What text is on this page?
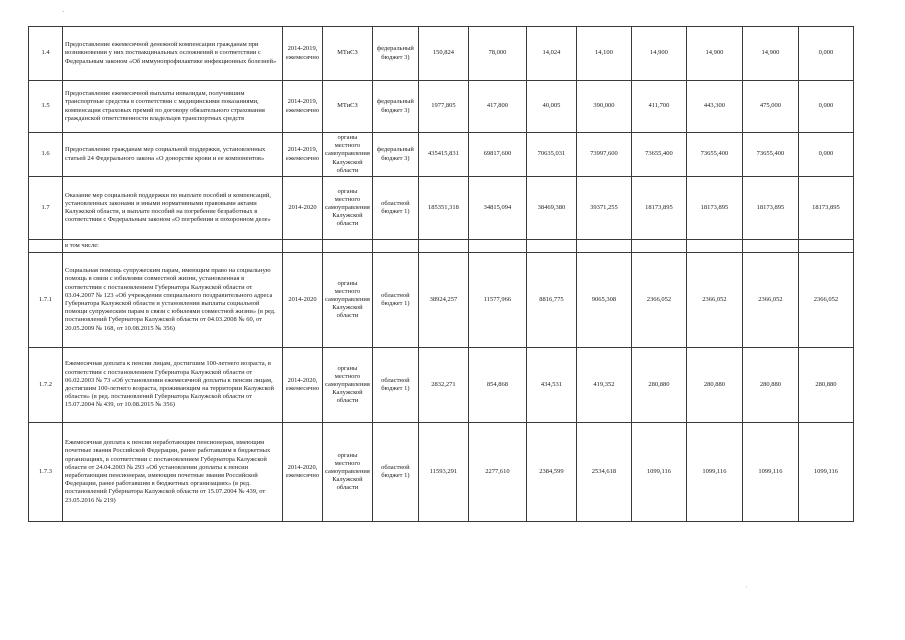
1.4	Предоставление ежемесячной денежной компенсации гражданам при возникновении у них поствакцинальных осложнений в соответствии с Федеральным законом «Об иммунопрофилактике инфекционных болезней»	2014-2019, ежемесячно	МТиСЗ	федеральный бюджет 3)	150,824	78,000	14,024	14,100	14,900	14,900	14,900	0,000
1.5	Предоставление ежемесячной выплаты инвалидам, получившим транспортные средства в соответствии с медицинскими показаниями, компенсация страховых премий по договору обязательного страхования гражданской ответственности владельцев транспортных средств	2014-2019, ежемесячно	МТиСЗ	федеральный бюджет 3)	1977,805	417,800	40,005	390,000	411,700	443,300	475,000	0,000
1.6	Предоставление гражданам мер социальной поддержки, установленных статьей 24 Федерального закона «О донорстве крови и ее компонентов»	2014-2019, ежемесячно	органы местного самоуправления Калужской области	федеральный бюджет 3)	435415,831	69817,600	70635,031	73997,600	73655,400	73655,400	73655,400	0,000
1.7	Оказание мер социальной поддержки по выплате пособий и компенсаций, установленных законами и иными нормативными правовыми актами Калужской области, и выплате пособий на погребение безработных в соответствии с Федеральным законом «О погребении и похоронном деле»	2014-2020	органы местного самоуправления Калужской области	областной бюджет 1)	185351,318	34815,094	38469,380	39371,255	18173,895	18173,895	18173,895	18173,895
	в том числе:											
1.7.1	Социальная помощь супружеским парам, имеющим право на социальную помощь в связи с юбилеями совместной жизни, установленная в соответствии с постановлением Губернатора Калужской области от 03.04.2007 № 123 «Об учреждении специального поздравительного адреса Губернатора Калужской области и установлении выплаты социальной помощи супружеским парам в связи с юбилеями совместной жизни» (в ред. постановлений Губернатора Калужской области от 04.03.2008 № 60, от 20.05.2009 № 168, от 10.08.2015 № 356)	2014-2020	органы местного самоуправления Калужской области	областной бюджет 1)	38924,257	11577,966	8816,775	9065,308	2366,052	2366,052	2366,052	2366,052
1.7.2	Ежемесячная доплата к пенсии лицам, достигшим 100-летнего возраста, в соответствии с постановлением Губернатора Калужской области от 06.02.2003 № 73 «Об установлении ежемесячной доплаты к пенсии лицам, достигшим 100-летнего возраста, проживающим на территории Калужской области» (в ред. постановлений Губернатора Калужской области от 15.07.2004 № 439, от 10.08.2015 № 356)	2014-2020, ежемесячно	органы местного самоуправления Калужской области	областной бюджет 1)	2832,271	854,868	434,531	419,352	280,880	280,880	280,880	280,880
1.7.3	Ежемесячная доплата к пенсии неработающим пенсионерам, имеющим почетные звания Российской Федерации, ранее работавшим в бюджетных организациях, в соответствии с постановлением Губернатора Калужской области от 24.04.2003 № 293 «Об установлении доплаты к пенсии неработающим пенсионерам, имеющим почетные звания Российской Федерации, ранее работавшим в бюджетных организациях» (в ред. постановлений Губернатора Калужской области от 15.07.2004 № 439, от 23.05.2016 № 219)	2014-2020, ежемесячно	органы местного самоуправления Калужской области	областной бюджет 1)	11593,291	2277,610	2384,599	2534,618	1099,116	1099,116	1099,116	1099,116
·
ˌ
